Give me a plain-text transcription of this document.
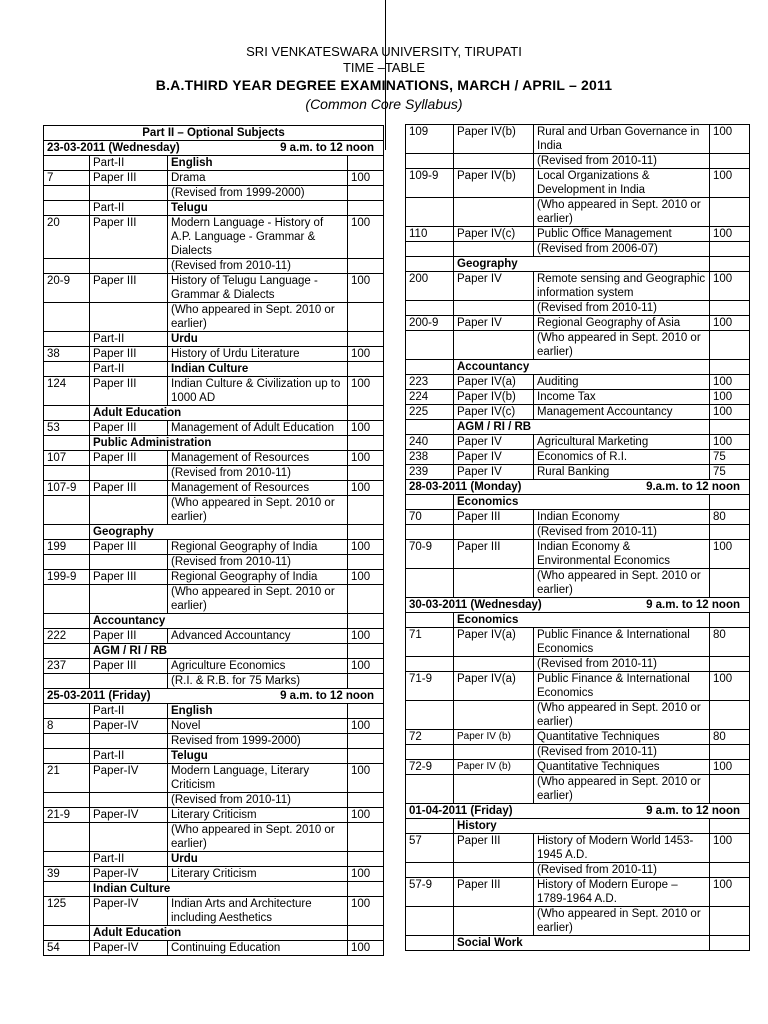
SRI VENKATESWARA UNIVERSITY, TIRUPATI
TIME –TABLE
B.A.THIRD YEAR DEGREE EXAMINATIONS, MARCH / APRIL – 2011
(Common Core Syllabus)
Part II – Optional Subjects			

9 a.m. to 12 noon
23-03-2011 (Wednesday)			
	Part-II	English	
7	Paper III	Drama	100
		(Revised from 1999-2000)	
	Part-II	Telugu	
20	Paper III	Modern Language - History of A.P. Language - Grammar & Dialects	100
		(Revised from 2010-11)	
20-9	Paper III	History of Telugu Language - Grammar & Dialects	100
		(Who appeared in Sept. 2010 or earlier)	
	Part-II	Urdu	
38	Paper III	History of Urdu Literature	100
	Part-II	Indian Culture	
124	Paper III	Indian Culture & Civilization up to 1000 AD	100
	Adult Education		
53	Paper III	Management of Adult Education	100
	Public Administration		
107	Paper III	Management of Resources	100
		(Revised from 2010-11)	
107-9	Paper III	Management of Resources	100
		(Who appeared in Sept. 2010 or earlier)	
	Geography		
199	Paper III	Regional Geography of India	100
		(Revised from 2010-11)	
199-9	Paper III	Regional Geography of India	100
		(Who appeared in Sept. 2010 or earlier)	
	Accountancy		
222	Paper III	Advanced Accountancy	100
	AGM / RI / RB		
237	Paper III	Agriculture Economics	100
		(R.I. & R.B. for 75 Marks)	

9 a.m. to 12 noon
25-03-2011 (Friday)			
	Part-II	English	
8	Paper-IV	Novel	100
		Revised from 1999-2000)	
	Part-II	Telugu	
21	Paper-IV	Modern Language, Literary Criticism	100
		(Revised from 2010-11)	
21-9	Paper-IV	Literary Criticism	100
		(Who appeared in Sept. 2010 or earlier)	
	Part-II	Urdu	
39	Paper-IV	Literary Criticism	100
	Indian Culture		
125	Paper-IV	Indian Arts and Architecture including Aesthetics	100
	Adult Education		
54	Paper-IV	Continuing Education	100
109	Paper IV(b)	Rural and Urban Governance in India	100
		(Revised from 2010-11)	
109-9	Paper IV(b)	Local Organizations & Development in India	100
		(Who appeared in Sept. 2010 or earlier)	
110	Paper IV(c)	Public Office Management	100
		(Revised from 2006-07)	
	Geography		
200	Paper IV	Remote sensing and Geographic information system	100
		(Revised from 2010-11)	
200-9	Paper IV	Regional Geography of Asia	100
		(Who appeared in Sept. 2010 or earlier)	
	Accountancy		
223	Paper IV(a)	Auditing	100
224	Paper IV(b)	Income Tax	100
225	Paper IV(c)	Management Accountancy	100
	AGM / RI / RB		
240	Paper IV	Agricultural Marketing	100
238	Paper IV	Economics of R.I.	75
239	Paper IV	Rural Banking	75

9.a.m. to 12 noon
28-03-2011 (Monday)			
	Economics		
70	Paper III	Indian Economy	80
		(Revised from 2010-11)	
70-9	Paper III	Indian Economy & Environmental Economics	100
		(Who appeared in Sept. 2010 or earlier)	

9 a.m. to 12 noon
30-03-2011 (Wednesday)			
	Economics		
71	Paper IV(a)	Public Finance & International Economics	80
		(Revised from 2010-11)	
71-9	Paper IV(a)	Public Finance & International Economics	100
		(Who appeared in Sept. 2010 or earlier)	
72	Paper IV (b)	Quantitative Techniques	80
		(Revised from 2010-11)	
72-9	Paper IV (b)	Quantitative Techniques	100
		(Who appeared in Sept. 2010 or earlier)	

9 a.m. to 12 noon
01-04-2011 (Friday)			
	History		
57	Paper III	History of Modern World 1453-1945 A.D.	100
		(Revised from 2010-11)	
57-9	Paper III	History of Modern Europe – 1789-1964 A.D.	100
		(Who appeared in Sept. 2010 or earlier)	
	Social Work		
